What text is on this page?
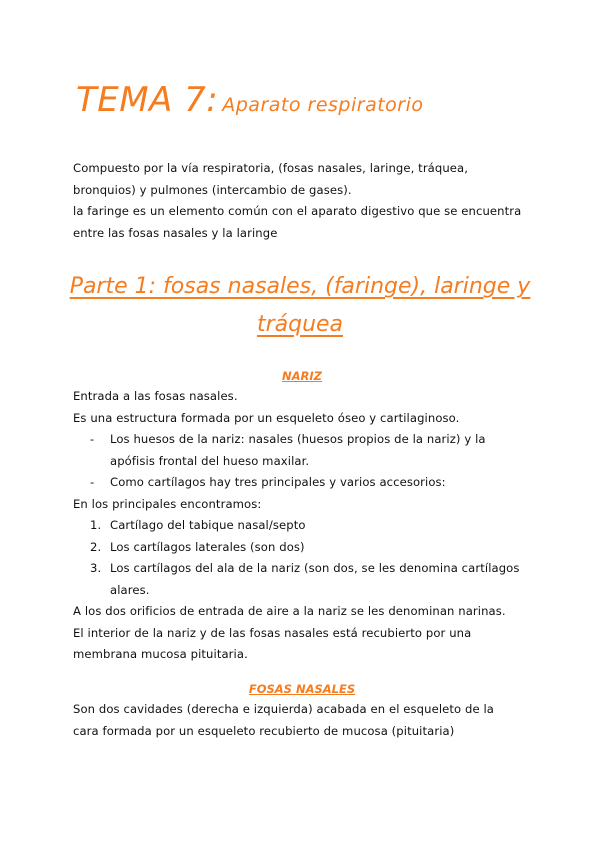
TEMA 7: Aparato respiratorio
Compuesto por la vía respiratoria, (fosas nasales, laringe, tráquea,
bronquios) y pulmones (intercambio de gases).
la faringe es un elemento común con el aparato digestivo que se encuentra
entre las fosas nasales y la laringe
Parte 1: fosas nasales, (faringe), laringe y
tráquea
NARIZ
Entrada a las fosas nasales.
Es una estructura formada por un esqueleto óseo y cartilaginoso.
- Los huesos de la nariz: nasales (huesos propios de la nariz) y la
apófisis frontal del hueso maxilar.
- Como cartílagos hay tres principales y varios accesorios:
En los principales encontramos:
1. Cartílago del tabique nasal/septo
2. Los cartílagos laterales (son dos)
3. Los cartílagos del ala de la nariz (son dos, se les denomina cartílagos
alares.
A los dos orificios de entrada de aire a la nariz se les denominan narinas.
El interior de la nariz y de las fosas nasales está recubierto por una
membrana mucosa pituitaria.
FOSAS NASALES
Son dos cavidades (derecha e izquierda) acabada en el esqueleto de la
cara formada por un esqueleto recubierto de mucosa (pituitaria)
